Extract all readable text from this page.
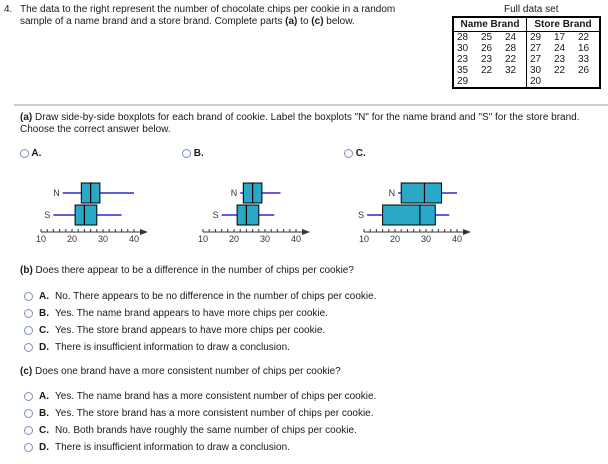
4. The data to the right represent the number of chocolate chips per cookie in a random sample of a name brand and a store brand. Complete parts (a) to (c) below.
Full data set
Name Brand			Store Brand		
28	25	24	29	17	22
30	26	28	27	24	16
23	23	22	27	23	33
35	22	32	30	22	26
29			20		
(a) Draw side-by-side boxplots for each brand of cookie. Label the boxplots "N" for the name brand and "S" for the store brand. Choose the correct answer below.
A.	B.	C.
10 20 30 40
N
S
10 20 30 40
N
S
10 20 30 40
N
S
(b) Does there appear to be a difference in the number of chips per cookie?
A. No. There appears to be no difference in the number of chips per cookie.
B. Yes. The name brand appears to have more chips per cookie.
C. Yes. The store brand appears to have more chips per cookie.
D. There is insufficient information to draw a conclusion.
(c) Does one brand have a more consistent number of chips per cookie?
A. Yes. The name brand has a more consistent number of chips per cookie.
B. Yes. The store brand has a more consistent number of chips per cookie.
C. No. Both brands have roughly the same number of chips per cookie.
D. There is insufficient information to draw a conclusion.
